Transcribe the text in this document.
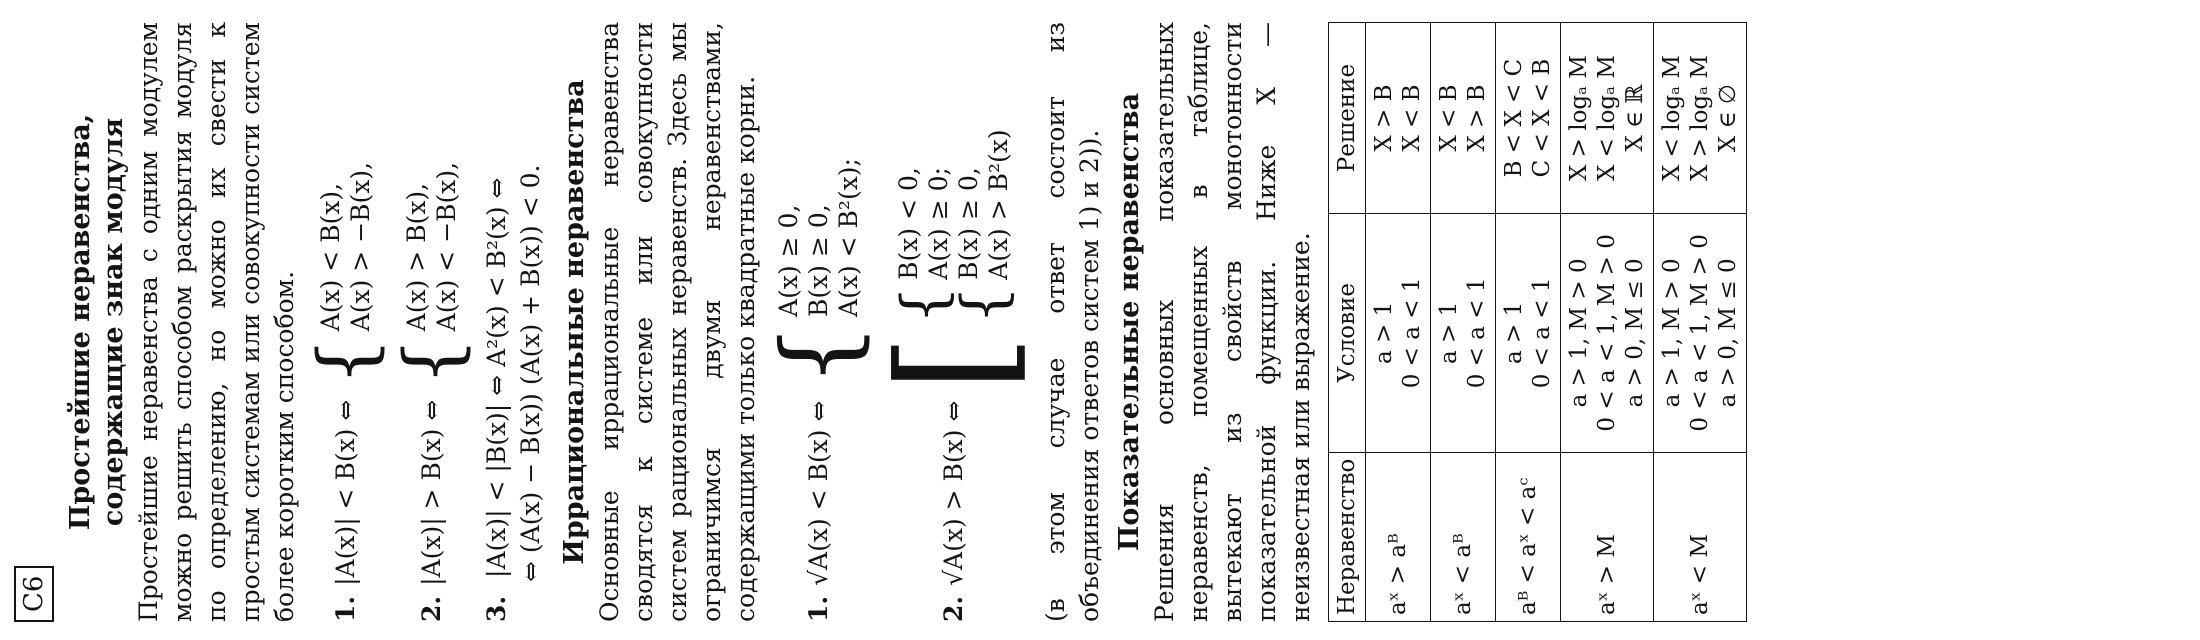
C6
Простейшие неравенства, содержащие знак модуля Простейшие неравенства с одним модулем можно решить способом раскрытия модуля по определению, но можно их свести к простым системам или совокупности систем более коротким способом. 1.
|A(x)| < B(x) ⇔
{
A(x) < B(x), A(x) > −B(x),
2.
|A(x)| > B(x) ⇔
{
A(x) > B(x), A(x) < −B(x),
3. |A(x)| < |B(x)| ⇔ A²(x) < B²(x) ⇔ ⇔ (A(x) − B(x)) (A(x) + B(x)) < 0. Иррациональные неравенства Основные иррациональные неравенства сводятся к системе или совокупности систем рациональных неравенств. Здесь мы ограничимся двумя неравенствами, содержащими только квадратные корни. 1.
√A(x) < B(x) ⇔
{
A(x) ≥ 0, B(x) ≥ 0, A(x) < B²(x);
2.
√A(x) > B(x) ⇔
[
{
B(x) < 0, A(x) ≥ 0;
{
B(x) ≥ 0, A(x) > B²(x) (в этом случае ответ состоит из объединения ответов систем 1) и 2)). Показательные неравенства Решения основных показательных неравенств, помещенных в таблице, вытекают из свойств монотонности показательной функции. Ниже X — неизвестная или выражение. Неравенство	Условие	Решение
aˣ > aᴮ	a > 1 0 < a < 1	X > B X < B

aˣ < aᴮ	a > 1 0 < a < 1	X < B X > B

aᴮ < aˣ < aᶜ	a > 1 0 < a < 1	B < X < C C < X < B

aˣ > M	a > 1, M > 0 0 < a < 1, M > 0 a > 0, M ≤ 0	X > logₐ M X < logₐ M X ∈ ℝ

aˣ < M	a > 1, M > 0 0 < a < 1, M > 0 a > 0, M ≤ 0	X < logₐ M X > logₐ M X ∈ ∅
